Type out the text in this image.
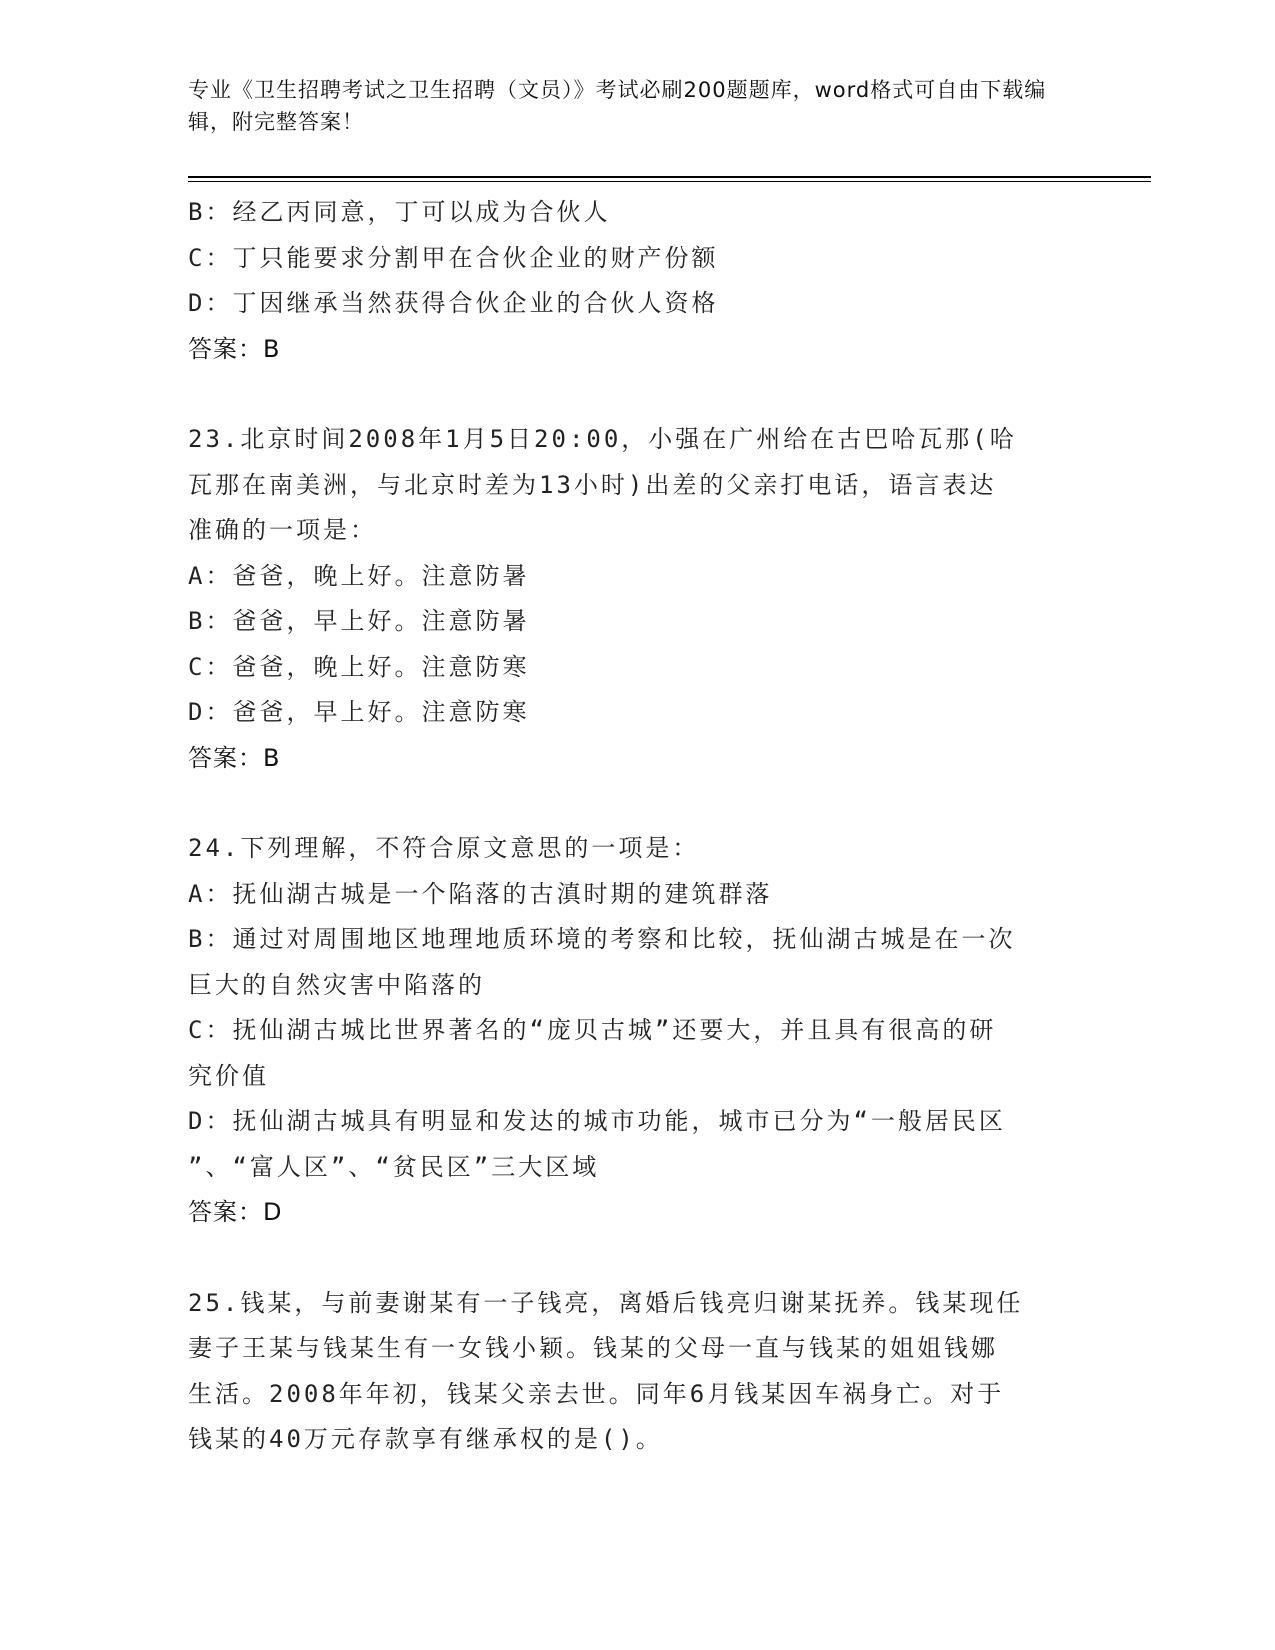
专业《卫生招聘考试之卫生招聘（文员）》考试必刷200题题库，word格式可自由下载编辑，附完整答案！

B：经乙丙同意，丁可以成为合伙人

C：丁只能要求分割甲在合伙企业的财产份额

D：丁因继承当然获得合伙企业的合伙人资格

答案：B

23.北京时间2008年1月5日20:00，小强在广州给在古巴哈瓦那(哈

瓦那在南美洲，与北京时差为13小时)出差的父亲打电话，语言表达

准确的一项是：

A：爸爸，晚上好。注意防暑

B：爸爸，早上好。注意防暑

C：爸爸，晚上好。注意防寒

D：爸爸，早上好。注意防寒

答案：B

24.下列理解，不符合原文意思的一项是：

A：抚仙湖古城是一个陷落的古滇时期的建筑群落

B：通过对周围地区地理地质环境的考察和比较，抚仙湖古城是在一次

巨大的自然灾害中陷落的

C：抚仙湖古城比世界著名的“庞贝古城”还要大，并且具有很高的研

究价值

D：抚仙湖古城具有明显和发达的城市功能，城市已分为“一般居民区

”、“富人区”、“贫民区”三大区域

答案：D

25.钱某，与前妻谢某有一子钱亮，离婚后钱亮归谢某抚养。钱某现任

妻子王某与钱某生有一女钱小颖。钱某的父母一直与钱某的姐姐钱娜

生活。2008年年初，钱某父亲去世。同年6月钱某因车祸身亡。对于

钱某的40万元存款享有继承权的是()。
